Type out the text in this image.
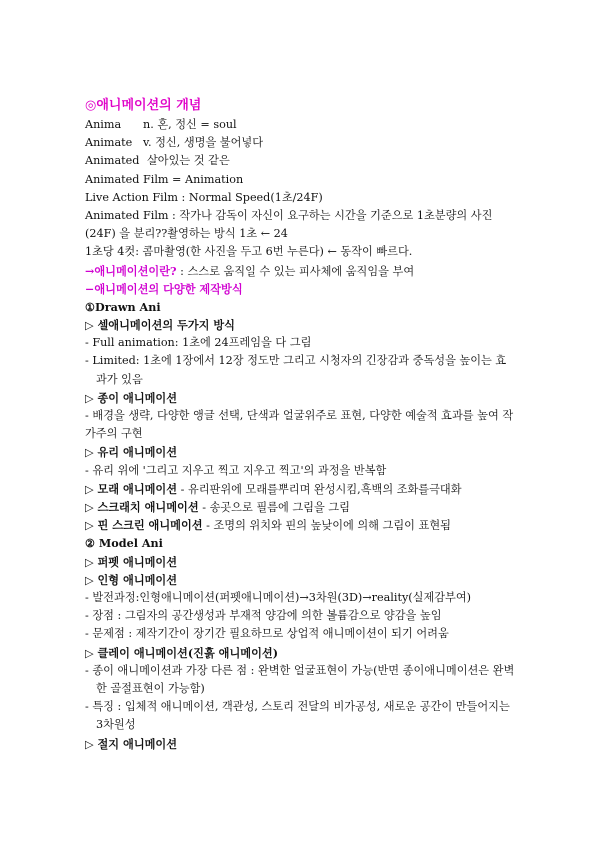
◎애니메이션의 개념
Anima n. 혼, 정신 = soul
Animate v. 정신, 생명을 불어넣다
Animated 살아있는 것 같은
Animated Film = Animation
Live Action Film : Normal Speed(1초/24F)
Animated Film : 작가나 감독이 자신이 요구하는 시간을 기준으로 1초분량의 사진(24F) 을 분리??촬영하는 방식 1초 ← 24
1초당 4컷: 콤마촬영(한 사진을 두고 6번 누른다) ← 동작이 빠르다.
→애니메이션이란? : 스스로 움직일 수 있는 피사체에 움직임을 부여
−애니메이션의 다양한 제작방식
①Drawn Ani
▷ 셀애니메이션의 두가지 방식
- Full animation: 1초에 24프레임을 다 그림
- Limited: 1초에 1장에서 12장 정도만 그리고 시청자의 긴장감과 중독성을 높이는 효과가 있음
▷ 종이 애니메이션
- 배경을 생략, 다양한 앵글 선택, 단색과 얼굴위주로 표현, 다양한 예술적 효과를 높여 작가주의 구현
▷ 유리 애니메이션
- 유리 위에 '그리고 지우고 찍고 지우고 찍고'의 과정을 반복함
▷ 모래 애니메이션 - 유리판위에 모래를뿌리며 완성시킴,흑백의 조화를극대화
▷ 스크래치 애니메이션 - 송곳으로 필름에 그림을 그림
▷ 핀 스크린 애니메이션 - 조명의 위치와 핀의 높낮이에 의해 그림이 표현됨
② Model Ani
▷ 퍼펫 애니메이션
▷ 인형 애니메이션
- 발전과정:인형애니메이션(퍼펫애니메이션)→3차원(3D)→reality(실제감부여)
- 장점 : 그림자의 공간생성과 부재적 양감에 의한 볼륨감으로 양감을 높임
- 문제점 : 제작기간이 장기간 필요하므로 상업적 애니메이션이 되기 어려움
▷ 클레이 애니메이션(진흙 애니메이션)
- 종이 애니메이션과 가장 다른 점 : 완벽한 얼굴표현이 가능(반면 종이애니메이션은 완벽한 골절표현이 가능함)
- 특징 : 입체적 애니메이션, 객관성, 스토리 전달의 비가공성, 새로운 공간이 만들어지는 3차원성
▷ 절지 애니메이션
